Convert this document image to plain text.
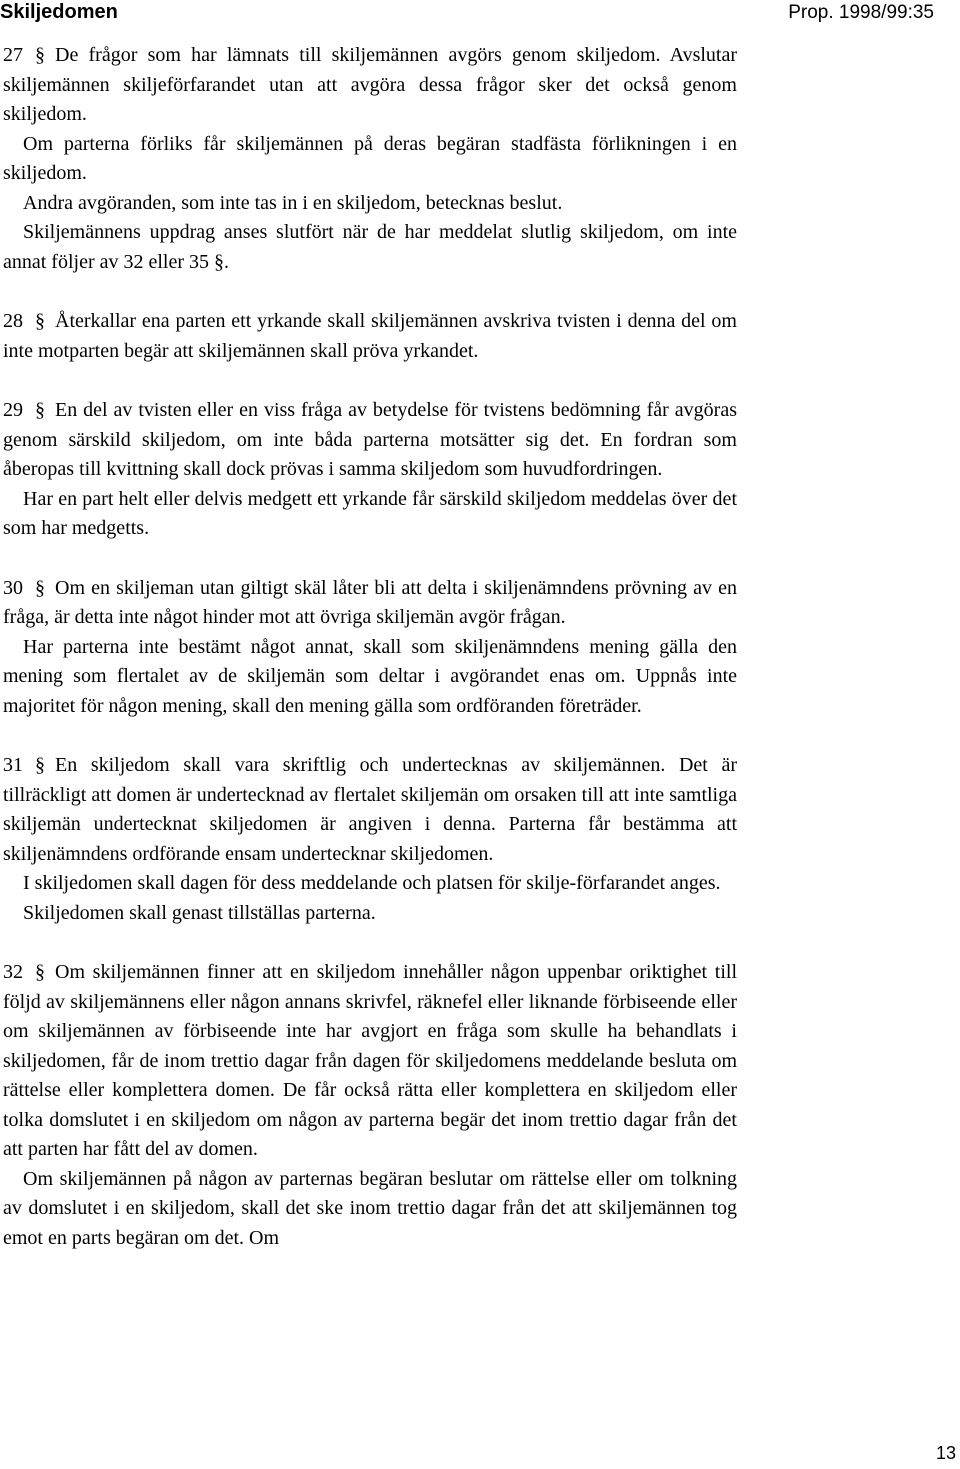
Skiljedomen	Prop. 1998/99:35

27 § De frågor som har lämnats till skiljemännen avgörs genom skiljedom. Avslutar skiljemännen skiljeförfarandet utan att avgöra dessa frågor sker det också genom skiljedom.

Om parterna förliks får skiljemännen på deras begäran stadfästa förlikningen i en skiljedom.

Andra avgöranden, som inte tas in i en skiljedom, betecknas beslut.

Skiljemännens uppdrag anses slutfört när de har meddelat slutlig skiljedom, om inte annat följer av 32 eller 35 §.

28 § Återkallar ena parten ett yrkande skall skiljemännen avskriva tvisten i denna del om inte motparten begär att skiljemännen skall pröva yrkandet.

29 § En del av tvisten eller en viss fråga av betydelse för tvistens bedömning får avgöras genom särskild skiljedom, om inte båda parterna motsätter sig det. En fordran som åberopas till kvittning skall dock prövas i samma skiljedom som huvudfordringen.

Har en part helt eller delvis medgett ett yrkande får särskild skiljedom meddelas över det som har medgetts.

30 § Om en skiljeman utan giltigt skäl låter bli att delta i skiljenämndens prövning av en fråga, är detta inte något hinder mot att övriga skiljemän avgör frågan.

Har parterna inte bestämt något annat, skall som skiljenämndens mening gälla den mening som flertalet av de skiljemän som deltar i avgörandet enas om. Uppnås inte majoritet för någon mening, skall den mening gälla som ordföranden företräder.

31 § En skiljedom skall vara skriftlig och undertecknas av skiljemännen. Det är tillräckligt att domen är undertecknad av flertalet skiljemän om orsaken till att inte samtliga skiljemän undertecknat skiljedomen är angiven i denna. Parterna får bestämma att skiljenämndens ordförande ensam undertecknar skiljedomen.

I skiljedomen skall dagen för dess meddelande och platsen för skilje-förfarandet anges.

Skiljedomen skall genast tillställas parterna.

32 § Om skiljemännen finner att en skiljedom innehåller någon uppenbar oriktighet till följd av skiljemännens eller någon annans skrivfel, räknefel eller liknande förbiseende eller om skiljemännen av förbiseende inte har avgjort en fråga som skulle ha behandlats i skiljedomen, får de inom trettio dagar från dagen för skiljedomens meddelande besluta om rättelse eller komplettera domen. De får också rätta eller komplettera en skiljedom eller tolka domslutet i en skiljedom om någon av parterna begär det inom trettio dagar från det att parten har fått del av domen.

Om skiljemännen på någon av parternas begäran beslutar om rättelse eller om tolkning av domslutet i en skiljedom, skall det ske inom trettio dagar från det att skiljemännen tog emot en parts begäran om det. Om

13
